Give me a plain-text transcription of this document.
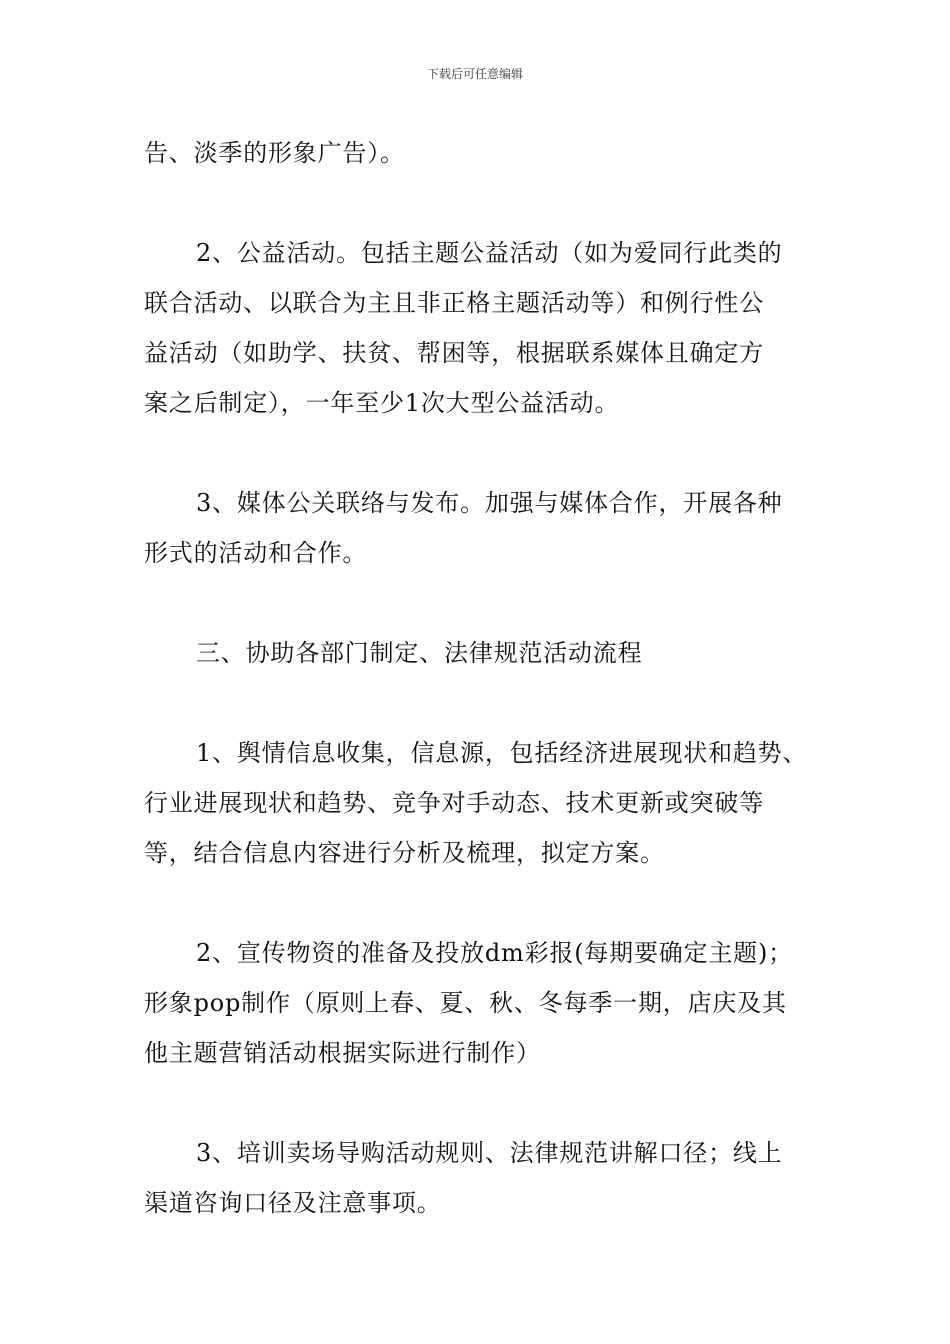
下载后可任意编辑
告、淡季的形象广告）。
2、公益活动。包括主题公益活动（如为爱同行此类的
联合活动、以联合为主且非正格主题活动等）和例行性公
益活动（如助学、扶贫、帮困等，根据联系媒体且确定方
案之后制定），一年至少1次大型公益活动。
3、媒体公关联络与发布。加强与媒体合作，开展各种
形式的活动和合作。
三、协助各部门制定、法律规范活动流程
1、舆情信息收集，信息源，包括经济进展现状和趋势、
行业进展现状和趋势、竞争对手动态、技术更新或突破等
等，结合信息内容进行分析及梳理，拟定方案。
2、宣传物资的准备及投放dm彩报(每期要确定主题)；
形象pop制作（原则上春、夏、秋、冬每季一期，店庆及其
他主题营销活动根据实际进行制作）
3、培训卖场导购活动规则、法律规范讲解口径；线上
渠道咨询口径及注意事项。
